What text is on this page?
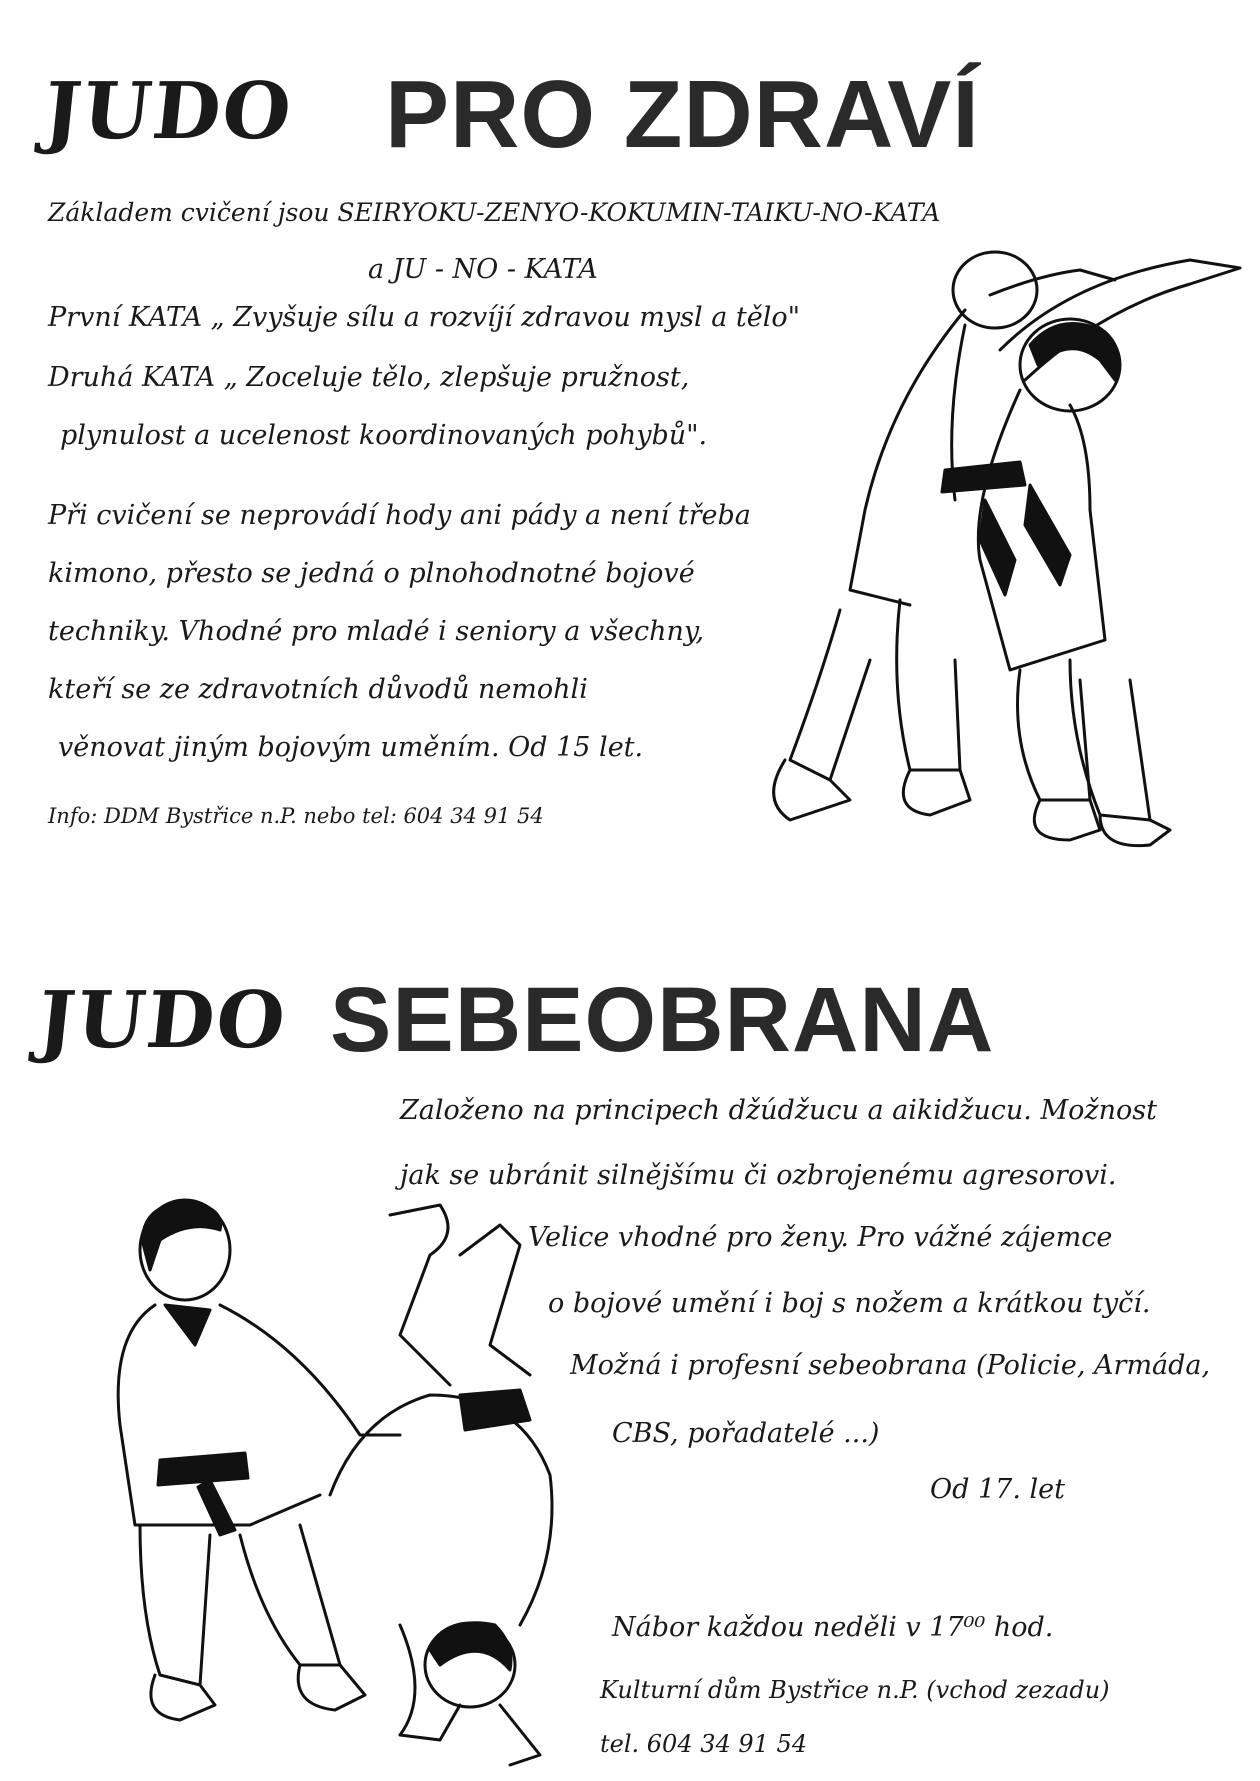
JUDO PRO ZDRAVÍ
Základem cvičení jsou SEIRYOKU-ZENYO-KOKUMIN-TAIKU-NO-KATA
a JU - NO - KATA
První KATA „ Zvyšuje sílu a rozvíjí zdravou mysl a tělo"
Druhá KATA „ Zoceluje tělo, zlepšuje pružnost,
plynulost a ucelenost koordinovaných pohybů".
Při cvičení se neprovádí hody ani pády a není třeba
kimono, přesto se jedná o plnohodnotné bojové
techniky. Vhodné pro mladé i seniory a všechny,
kteří se ze zdravotních důvodů nemohli
věnovat jiným bojovým uměním. Od 15 let.
Info: DDM Bystřice n.P. nebo tel: 604 34 91 54
JUDO SEBEOBRANA
Založeno na principech džúdžucu a aikidžucu. Možnost
jak se ubránit silnějšímu či ozbrojenému agresorovi.
Velice vhodné pro ženy. Pro vážné zájemce
o bojové umění i boj s nožem a krátkou tyčí.
Možná i profesní sebeobrana (Policie, Armáda,
CBS, pořadatelé ...)
Od 17. let
Nábor každou neděli v 17⁰⁰ hod.
Kulturní dům Bystřice n.P. (vchod zezadu)
tel. 604 34 91 54
